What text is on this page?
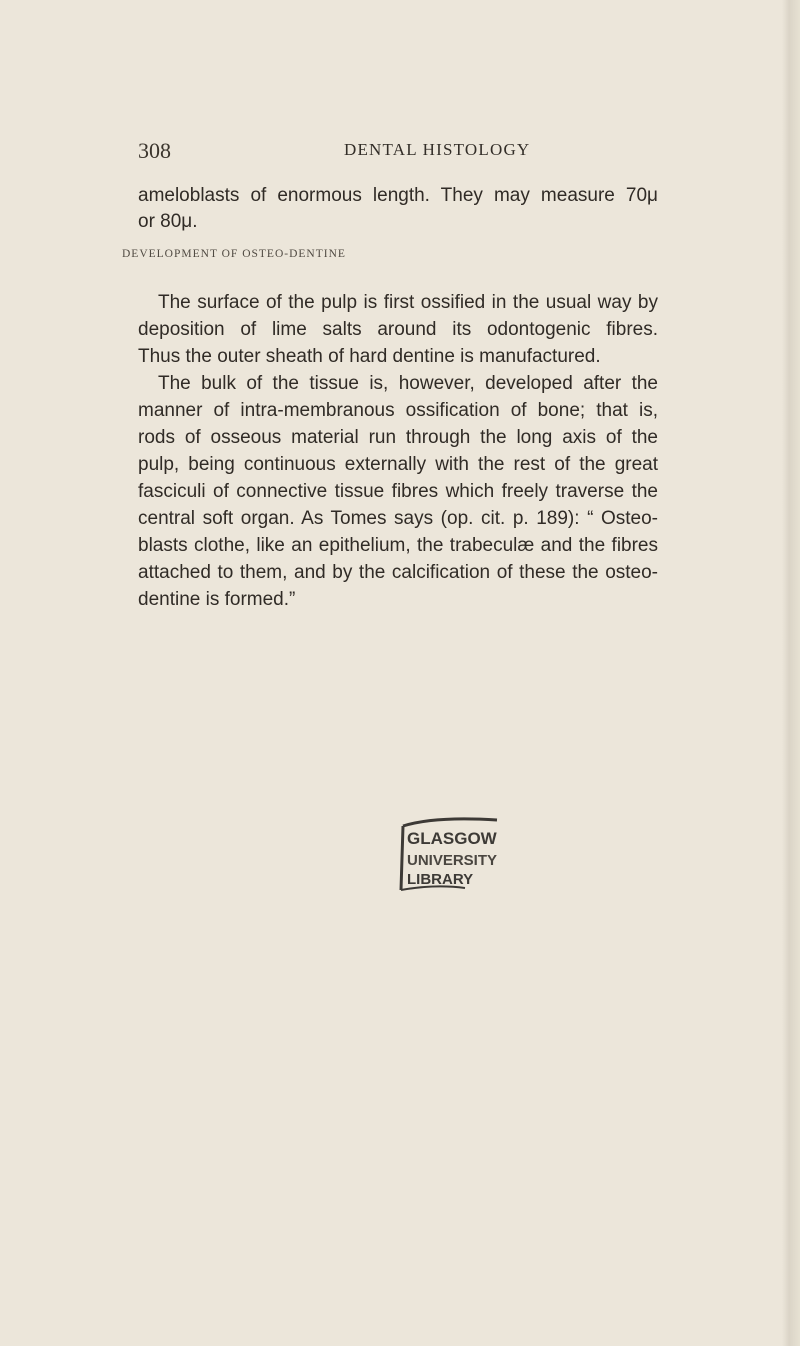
308	DENTAL HISTOLOGY
ameloblasts of enormous length. They may measure 70μ
or 80μ.
DEVELOPMENT OF OSTEO-DENTINE
The surface of the pulp is first ossified in the usual way by
deposition of lime salts around its odontogenic fibres.
Thus the outer sheath of hard dentine is manufactured.
The bulk of the tissue is, however, developed after the
manner of intra-membranous ossification of bone; that is,
rods of osseous material run through the long axis of the
pulp, being continuous externally with the rest of the great
fasciculi of connective tissue fibres which freely traverse the
central soft organ. As Tomes says (op. cit. p. 189): “ Osteo-
blasts clothe, like an epithelium, the trabeculæ and the fibres
attached to them, and by the calcification of these the osteo-
dentine is formed.”
GLASGOW
UNIVERSITY
LIBRARY
